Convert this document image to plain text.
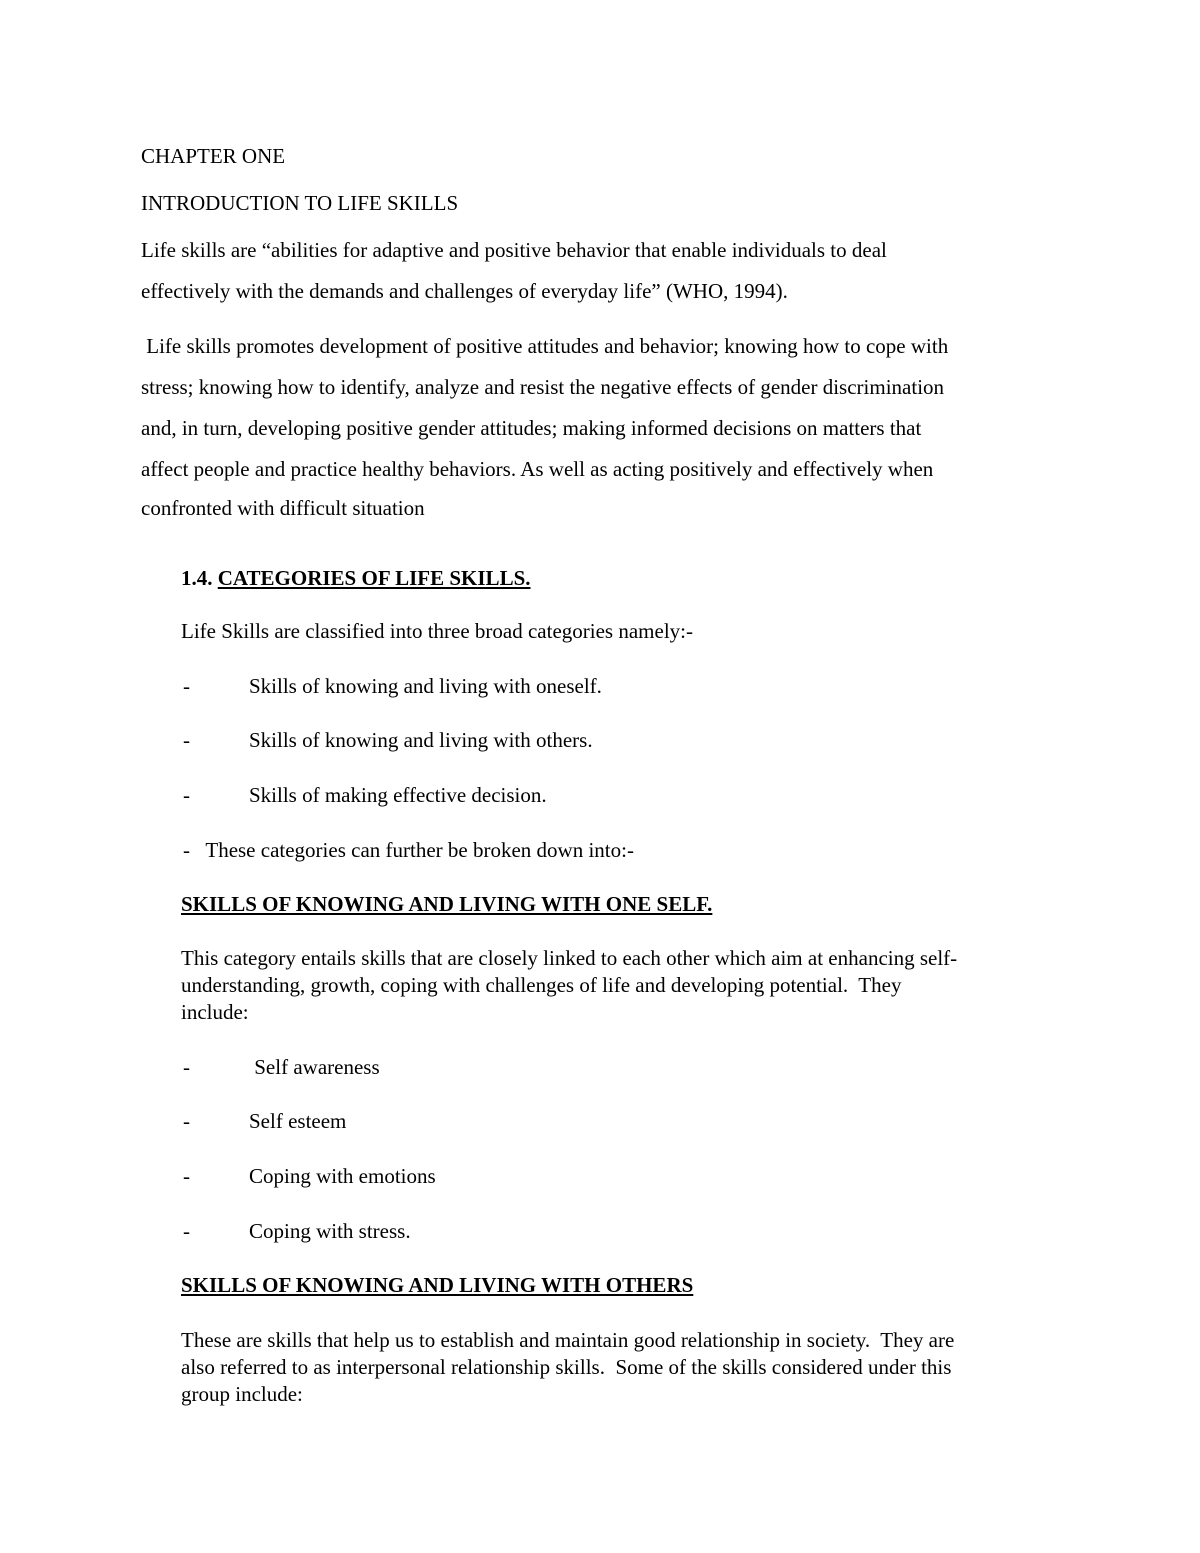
CHAPTER ONE

INTRODUCTION TO LIFE SKILLS

Life skills are “abilities for adaptive and positive behavior that enable individuals to deal

effectively with the demands and challenges of everyday life” (WHO, 1994).

Life skills promotes development of positive attitudes and behavior; knowing how to cope with

stress; knowing how to identify, analyze and resist the negative effects of gender discrimination

and, in turn, developing positive gender attitudes; making informed decisions on matters that

affect people and practice healthy behaviors. As well as acting positively and effectively when

confronted with difficult situation

1.4. CATEGORIES OF LIFE SKILLS.

Life Skills are classified into three broad categories namely:-

-	Skills of knowing and living with oneself.

-	Skills of knowing and living with others.

-	Skills of making effective decision.

-   These categories can further be broken down into:-

SKILLS OF KNOWING AND LIVING WITH ONE SELF.

This category entails skills that are closely linked to each other which aim at enhancing self-

understanding, growth, coping with challenges of life and developing potential.  They

include:

-	Self awareness

-	Self esteem

-	Coping with emotions

-	Coping with stress.

SKILLS OF KNOWING AND LIVING WITH OTHERS

These are skills that help us to establish and maintain good relationship in society.  They are

also referred to as interpersonal relationship skills.  Some of the skills considered under this

group include:
